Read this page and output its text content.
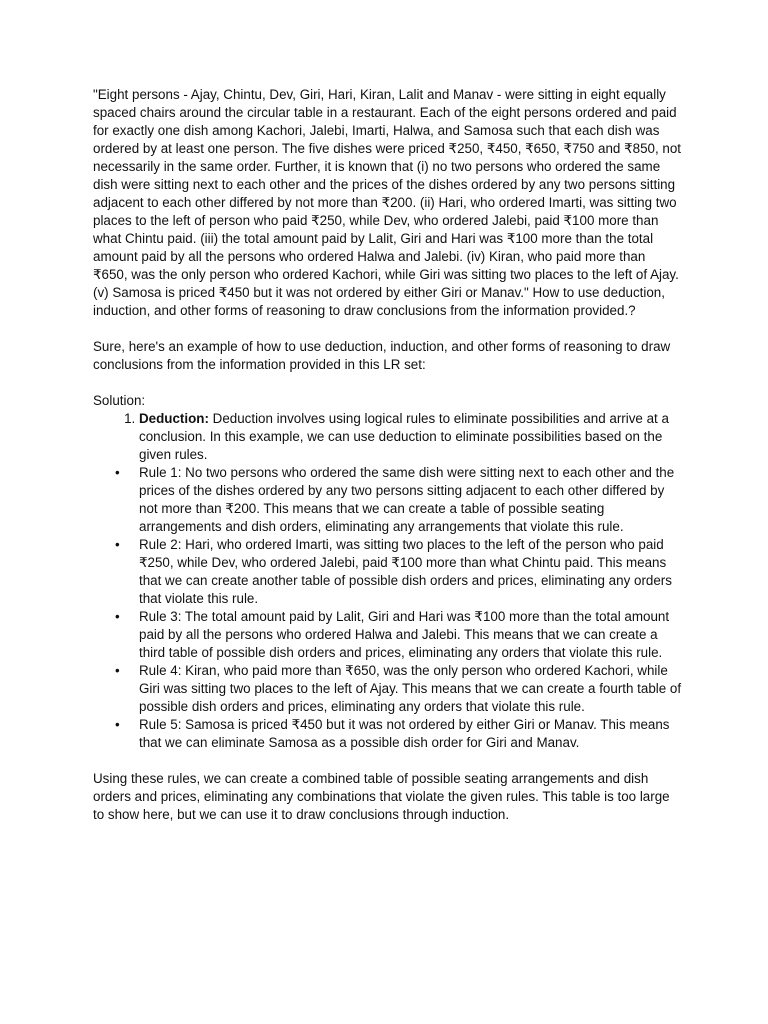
"Eight persons - Ajay, Chintu, Dev, Giri, Hari, Kiran, Lalit and Manav - were sitting in eight equally spaced chairs around the circular table in a restaurant. Each of the eight persons ordered and paid for exactly one dish among Kachori, Jalebi, Imarti, Halwa, and Samosa such that each dish was ordered by at least one person. The five dishes were priced ₹250, ₹450, ₹650, ₹750 and ₹850, not necessarily in the same order. Further, it is known that (i) no two persons who ordered the same dish were sitting next to each other and the prices of the dishes ordered by any two persons sitting adjacent to each other differed by not more than ₹200. (ii) Hari, who ordered Imarti, was sitting two places to the left of person who paid ₹250, while Dev, who ordered Jalebi, paid ₹100 more than what Chintu paid. (iii) the total amount paid by Lalit, Giri and Hari was ₹100 more than the total amount paid by all the persons who ordered Halwa and Jalebi. (iv) Kiran, who paid more than ₹650, was the only person who ordered Kachori, while Giri was sitting two places to the left of Ajay. (v) Samosa is priced ₹450 but it was not ordered by either Giri or Manav." How to use deduction, induction, and other forms of reasoning to draw conclusions from the information provided.?

Sure, here's an example of how to use deduction, induction, and other forms of reasoning to draw conclusions from the information provided in this LR set:

Solution:

1. Deduction: Deduction involves using logical rules to eliminate possibilities and arrive at a conclusion. In this example, we can use deduction to eliminate possibilities based on the given rules.
• Rule 1: No two persons who ordered the same dish were sitting next to each other and the prices of the dishes ordered by any two persons sitting adjacent to each other differed by not more than ₹200. This means that we can create a table of possible seating arrangements and dish orders, eliminating any arrangements that violate this rule.
• Rule 2: Hari, who ordered Imarti, was sitting two places to the left of the person who paid ₹250, while Dev, who ordered Jalebi, paid ₹100 more than what Chintu paid. This means that we can create another table of possible dish orders and prices, eliminating any orders that violate this rule.
• Rule 3: The total amount paid by Lalit, Giri and Hari was ₹100 more than the total amount paid by all the persons who ordered Halwa and Jalebi. This means that we can create a third table of possible dish orders and prices, eliminating any orders that violate this rule.
• Rule 4: Kiran, who paid more than ₹650, was the only person who ordered Kachori, while Giri was sitting two places to the left of Ajay. This means that we can create a fourth table of possible dish orders and prices, eliminating any orders that violate this rule.
• Rule 5: Samosa is priced ₹450 but it was not ordered by either Giri or Manav. This means that we can eliminate Samosa as a possible dish order for Giri and Manav.

Using these rules, we can create a combined table of possible seating arrangements and dish orders and prices, eliminating any combinations that violate the given rules. This table is too large to show here, but we can use it to draw conclusions through induction.
